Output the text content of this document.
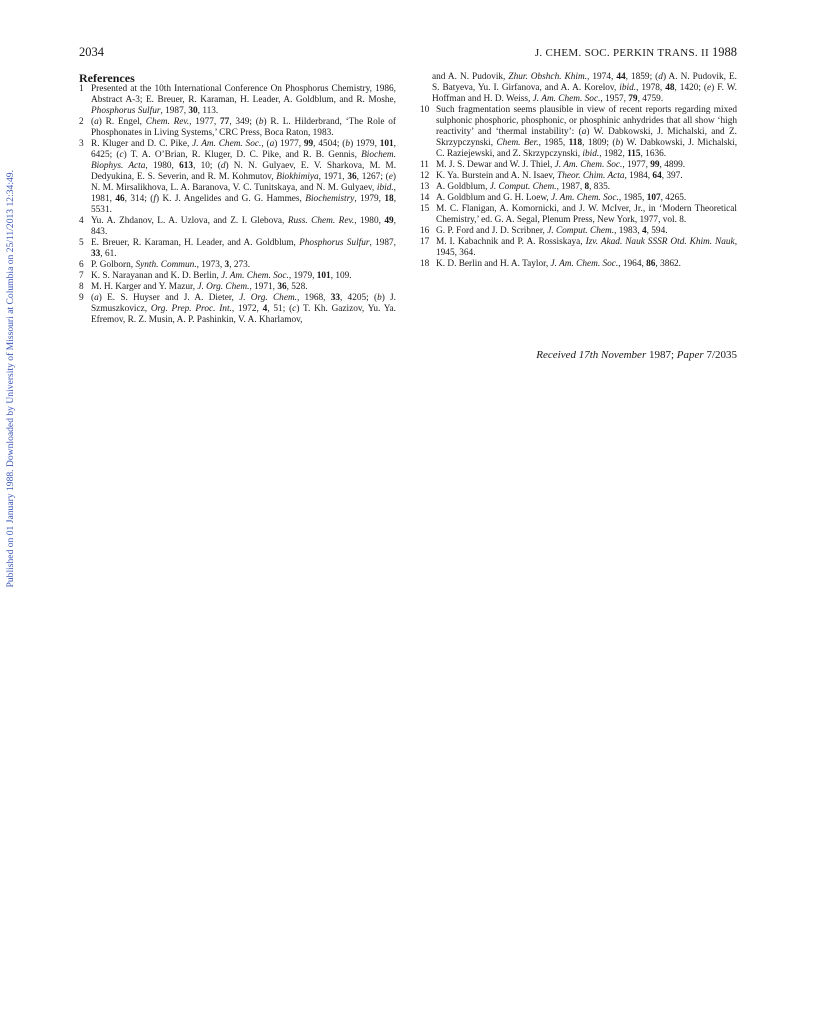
2034	J. CHEM. SOC. PERKIN TRANS. II 1988
Published on 01 January 1988. Downloaded by University of Missouri at Columbia on 25/11/2013 12:34:49.
References

1 Presented at the 10th International Conference On Phosphorus Chemistry, 1986, Abstract A-3; E. Breuer, R. Karaman, H. Leader, A. Goldblum, and R. Moshe, Phosphorus Sulfur, 1987, 30, 113.

2 (a) R. Engel, Chem. Rev., 1977, 77, 349; (b) R. L. Hilderbrand, ‘The Role of Phosphonates in Living Systems,’ CRC Press, Boca Raton, 1983.

3 R. Kluger and D. C. Pike, J. Am. Chem. Soc., (a) 1977, 99, 4504; (b) 1979, 101, 6425; (c) T. A. O’Brian, R. Kluger, D. C. Pike, and R. B. Gennis, Biochem. Biophys. Acta, 1980, 613, 10; (d) N. N. Gulyaev, E. V. Sharkova, M. M. Dedyukina, E. S. Severin, and R. M. Kohmutov, Biokhimiya, 1971, 36, 1267; (e) N. M. Mirsalikhova, L. A. Baranova, V. C. Tunitskaya, and N. M. Gulyaev, ibid., 1981, 46, 314; (f) K. J. Angelides and G. G. Hammes, Biochemistry, 1979, 18, 5531.

4 Yu. A. Zhdanov, L. A. Uzlova, and Z. I. Glebova, Russ. Chem. Rev., 1980, 49, 843.

5 E. Breuer, R. Karaman, H. Leader, and A. Goldblum, Phosphorus Sulfur, 1987, 33, 61.

6 P. Golborn, Synth. Commun., 1973, 3, 273.

7 K. S. Narayanan and K. D. Berlin, J. Am. Chem. Soc., 1979, 101, 109.

8 M. H. Karger and Y. Mazur, J. Org. Chem., 1971, 36, 528.

9 (a) E. S. Huyser and J. A. Dieter, J. Org. Chem., 1968, 33, 4205; (b) J. Szmuszkovicz, Org. Prep. Proc. Int., 1972, 4, 51; (c) T. Kh. Gazizov, Yu. Ya. Efremov, R. Z. Musin, A. P. Pashinkin, V. A. Kharlamov,

and A. N. Pudovik, Zhur. Obshch. Khim., 1974, 44, 1859; (d) A. N. Pudovik, E. S. Batyeva, Yu. I. Girfanova, and A. A. Korelov, ibid., 1978, 48, 1420; (e) F. W. Hoffman and H. D. Weiss, J. Am. Chem. Soc., 1957, 79, 4759.

10 Such fragmentation seems plausible in view of recent reports regarding mixed sulphonic phosphoric, phosphonic, or phosphinic anhydrides that all show ‘high reactivity’ and ‘thermal instability’: (a) W. Dabkowski, J. Michalski, and Z. Skrzypczynski, Chem. Ber., 1985, 118, 1809; (b) W. Dabkowski, J. Michalski, C. Raziejewski, and Z. Skrzypczynski, ibid., 1982, 115, 1636.

11 M. J. S. Dewar and W. J. Thiel, J. Am. Chem. Soc., 1977, 99, 4899.

12 K. Ya. Burstein and A. N. Isaev, Theor. Chim. Acta, 1984, 64, 397.

13 A. Goldblum, J. Comput. Chem., 1987, 8, 835.

14 A. Goldblum and G. H. Loew, J. Am. Chem. Soc., 1985, 107, 4265.

15 M. C. Flanigan, A. Komornicki, and J. W. McIver, Jr., in ‘Modern Theoretical Chemistry,’ ed. G. A. Segal, Plenum Press, New York, 1977, vol. 8.

16 G. P. Ford and J. D. Scribner, J. Comput. Chem., 1983, 4, 594.

17 M. I. Kabachnik and P. A. Rossiskaya, Izv. Akad. Nauk SSSR Otd. Khim. Nauk, 1945, 364.

18 K. D. Berlin and H. A. Taylor, J. Am. Chem. Soc., 1964, 86, 3862.

Received 17th November 1987; Paper 7/2035
